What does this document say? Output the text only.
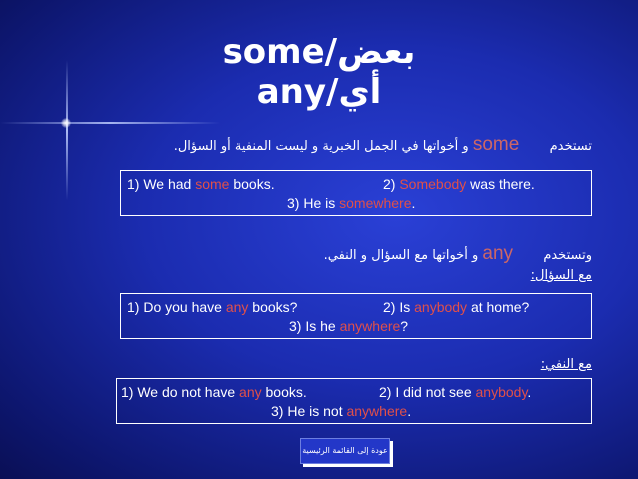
some/بعض
any/أي
تستخدم  some و أخواتها في الجمل الخبرية و ليست المنفية أو السؤال.
1) We had some books.	2) Somebody was there.
3) He is somewhere.
وتستخدم  any و أخواتها مع السؤال و النفي.
مع السؤال:
1) Do you have any books?	2) Is anybody at home?
3) Is he anywhere?
مع النفي:
1) We do not have any books.	2) I did not see anybody.
3) He is not anywhere.
عودة إلى القائمة الرئيسية
